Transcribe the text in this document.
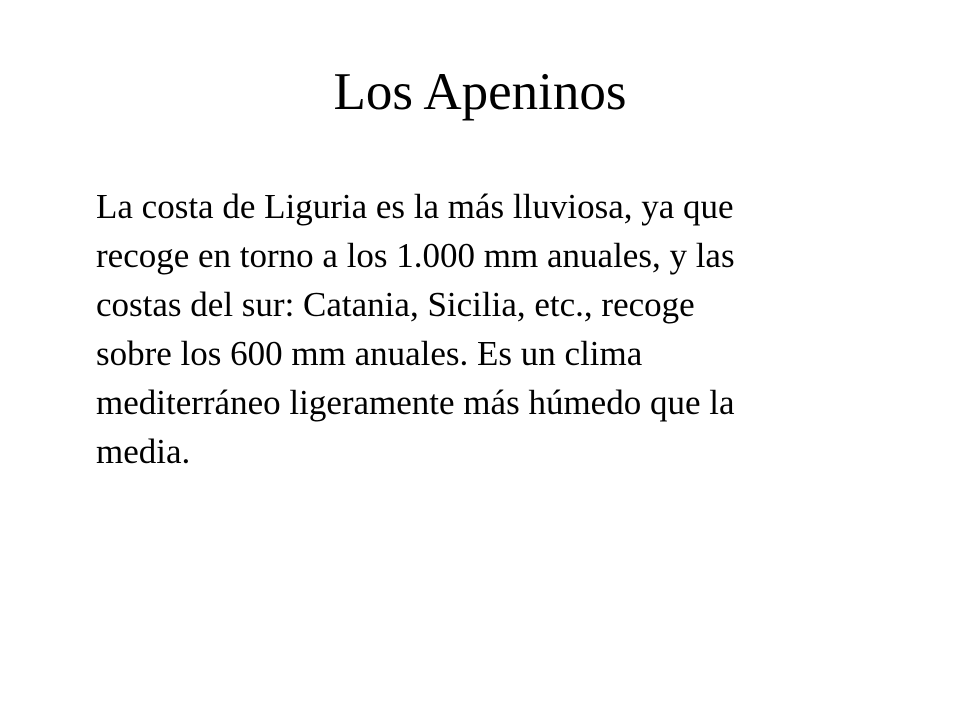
Los Apeninos

La costa de Liguria es la más lluviosa, ya que
recoge en torno a los 1.000 mm anuales, y las
costas del sur: Catania, Sicilia, etc., recoge
sobre los 600 mm anuales. Es un clima
mediterráneo ligeramente más húmedo que la
media.
